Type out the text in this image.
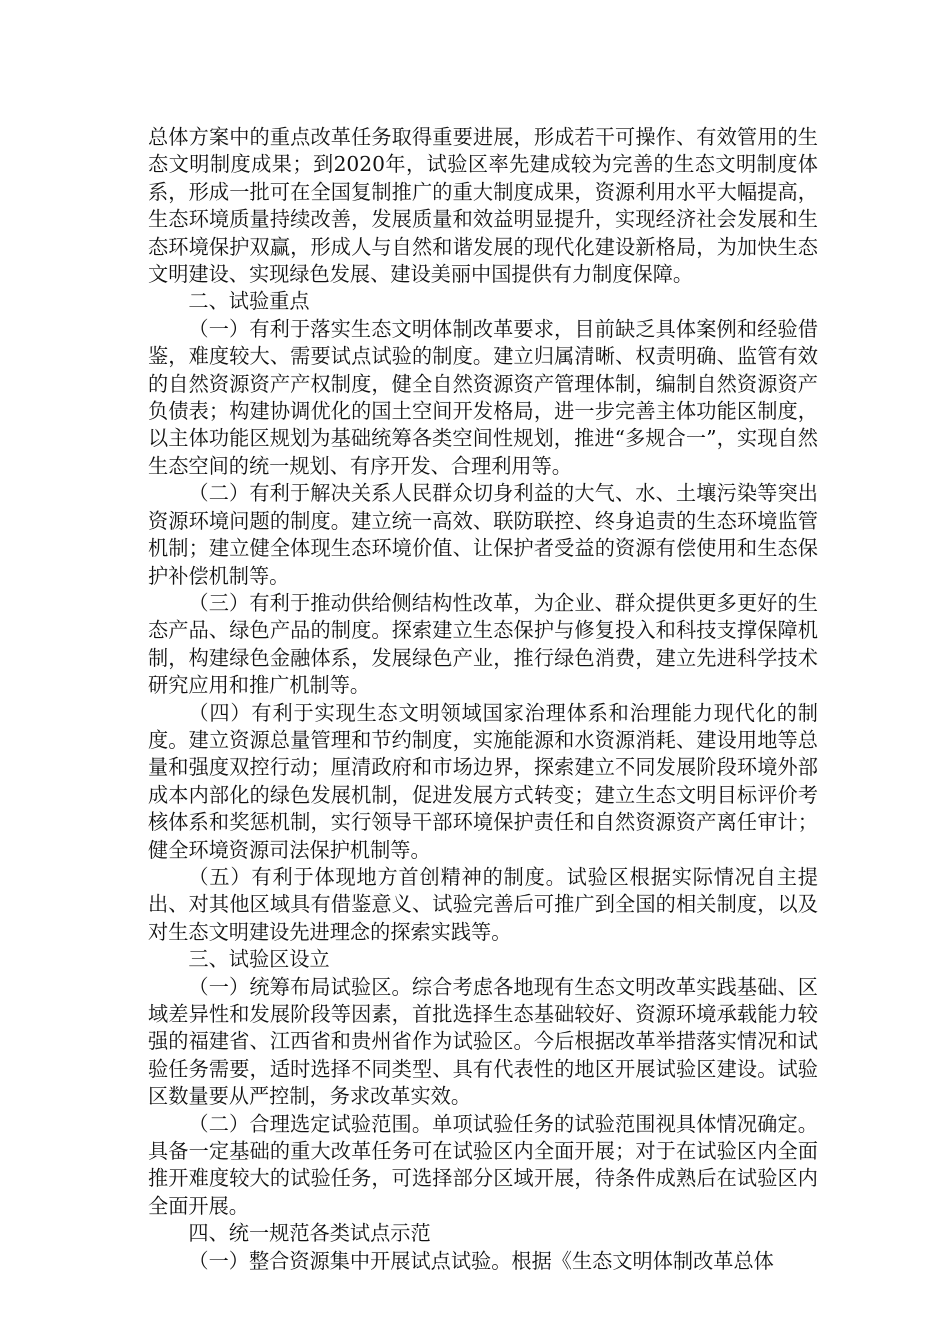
总体方案中的重点改革任务取得重要进展，形成若干可操作、有效管用的生态文明制度成果；到2020年，试验区率先建成较为完善的生态文明制度体系，形成一批可在全国复制推广的重大制度成果，资源利用水平大幅提高，生态环境质量持续改善，发展质量和效益明显提升，实现经济社会发展和生态环境保护双赢，形成人与自然和谐发展的现代化建设新格局，为加快生态文明建设、实现绿色发展、建设美丽中国提供有力制度保障。

二、试验重点

（一）有利于落实生态文明体制改革要求，目前缺乏具体案例和经验借鉴，难度较大、需要试点试验的制度。建立归属清晰、权责明确、监管有效的自然资源资产产权制度，健全自然资源资产管理体制，编制自然资源资产负债表；构建协调优化的国土空间开发格局，进一步完善主体功能区制度，以主体功能区规划为基础统筹各类空间性规划，推进“多规合一”，实现自然生态空间的统一规划、有序开发、合理利用等。

（二）有利于解决关系人民群众切身利益的大气、水、土壤污染等突出资源环境问题的制度。建立统一高效、联防联控、终身追责的生态环境监管机制；建立健全体现生态环境价值、让保护者受益的资源有偿使用和生态保护补偿机制等。

（三）有利于推动供给侧结构性改革，为企业、群众提供更多更好的生态产品、绿色产品的制度。探索建立生态保护与修复投入和科技支撑保障机制，构建绿色金融体系，发展绿色产业，推行绿色消费，建立先进科学技术研究应用和推广机制等。

（四）有利于实现生态文明领域国家治理体系和治理能力现代化的制度。建立资源总量管理和节约制度，实施能源和水资源消耗、建设用地等总量和强度双控行动；厘清政府和市场边界，探索建立不同发展阶段环境外部成本内部化的绿色发展机制，促进发展方式转变；建立生态文明目标评价考核体系和奖惩机制，实行领导干部环境保护责任和自然资源资产离任审计；健全环境资源司法保护机制等。

（五）有利于体现地方首创精神的制度。试验区根据实际情况自主提出、对其他区域具有借鉴意义、试验完善后可推广到全国的相关制度，以及对生态文明建设先进理念的探索实践等。

三、试验区设立

（一）统筹布局试验区。综合考虑各地现有生态文明改革实践基础、区域差异性和发展阶段等因素，首批选择生态基础较好、资源环境承载能力较强的福建省、江西省和贵州省作为试验区。今后根据改革举措落实情况和试验任务需要，适时选择不同类型、具有代表性的地区开展试验区建设。试验区数量要从严控制，务求改革实效。

（二）合理选定试验范围。单项试验任务的试验范围视具体情况确定。具备一定基础的重大改革任务可在试验区内全面开展；对于在试验区内全面推开难度较大的试验任务，可选择部分区域开展，待条件成熟后在试验区内全面开展。

四、统一规范各类试点示范

（一）整合资源集中开展试点试验。根据《生态文明体制改革总体
